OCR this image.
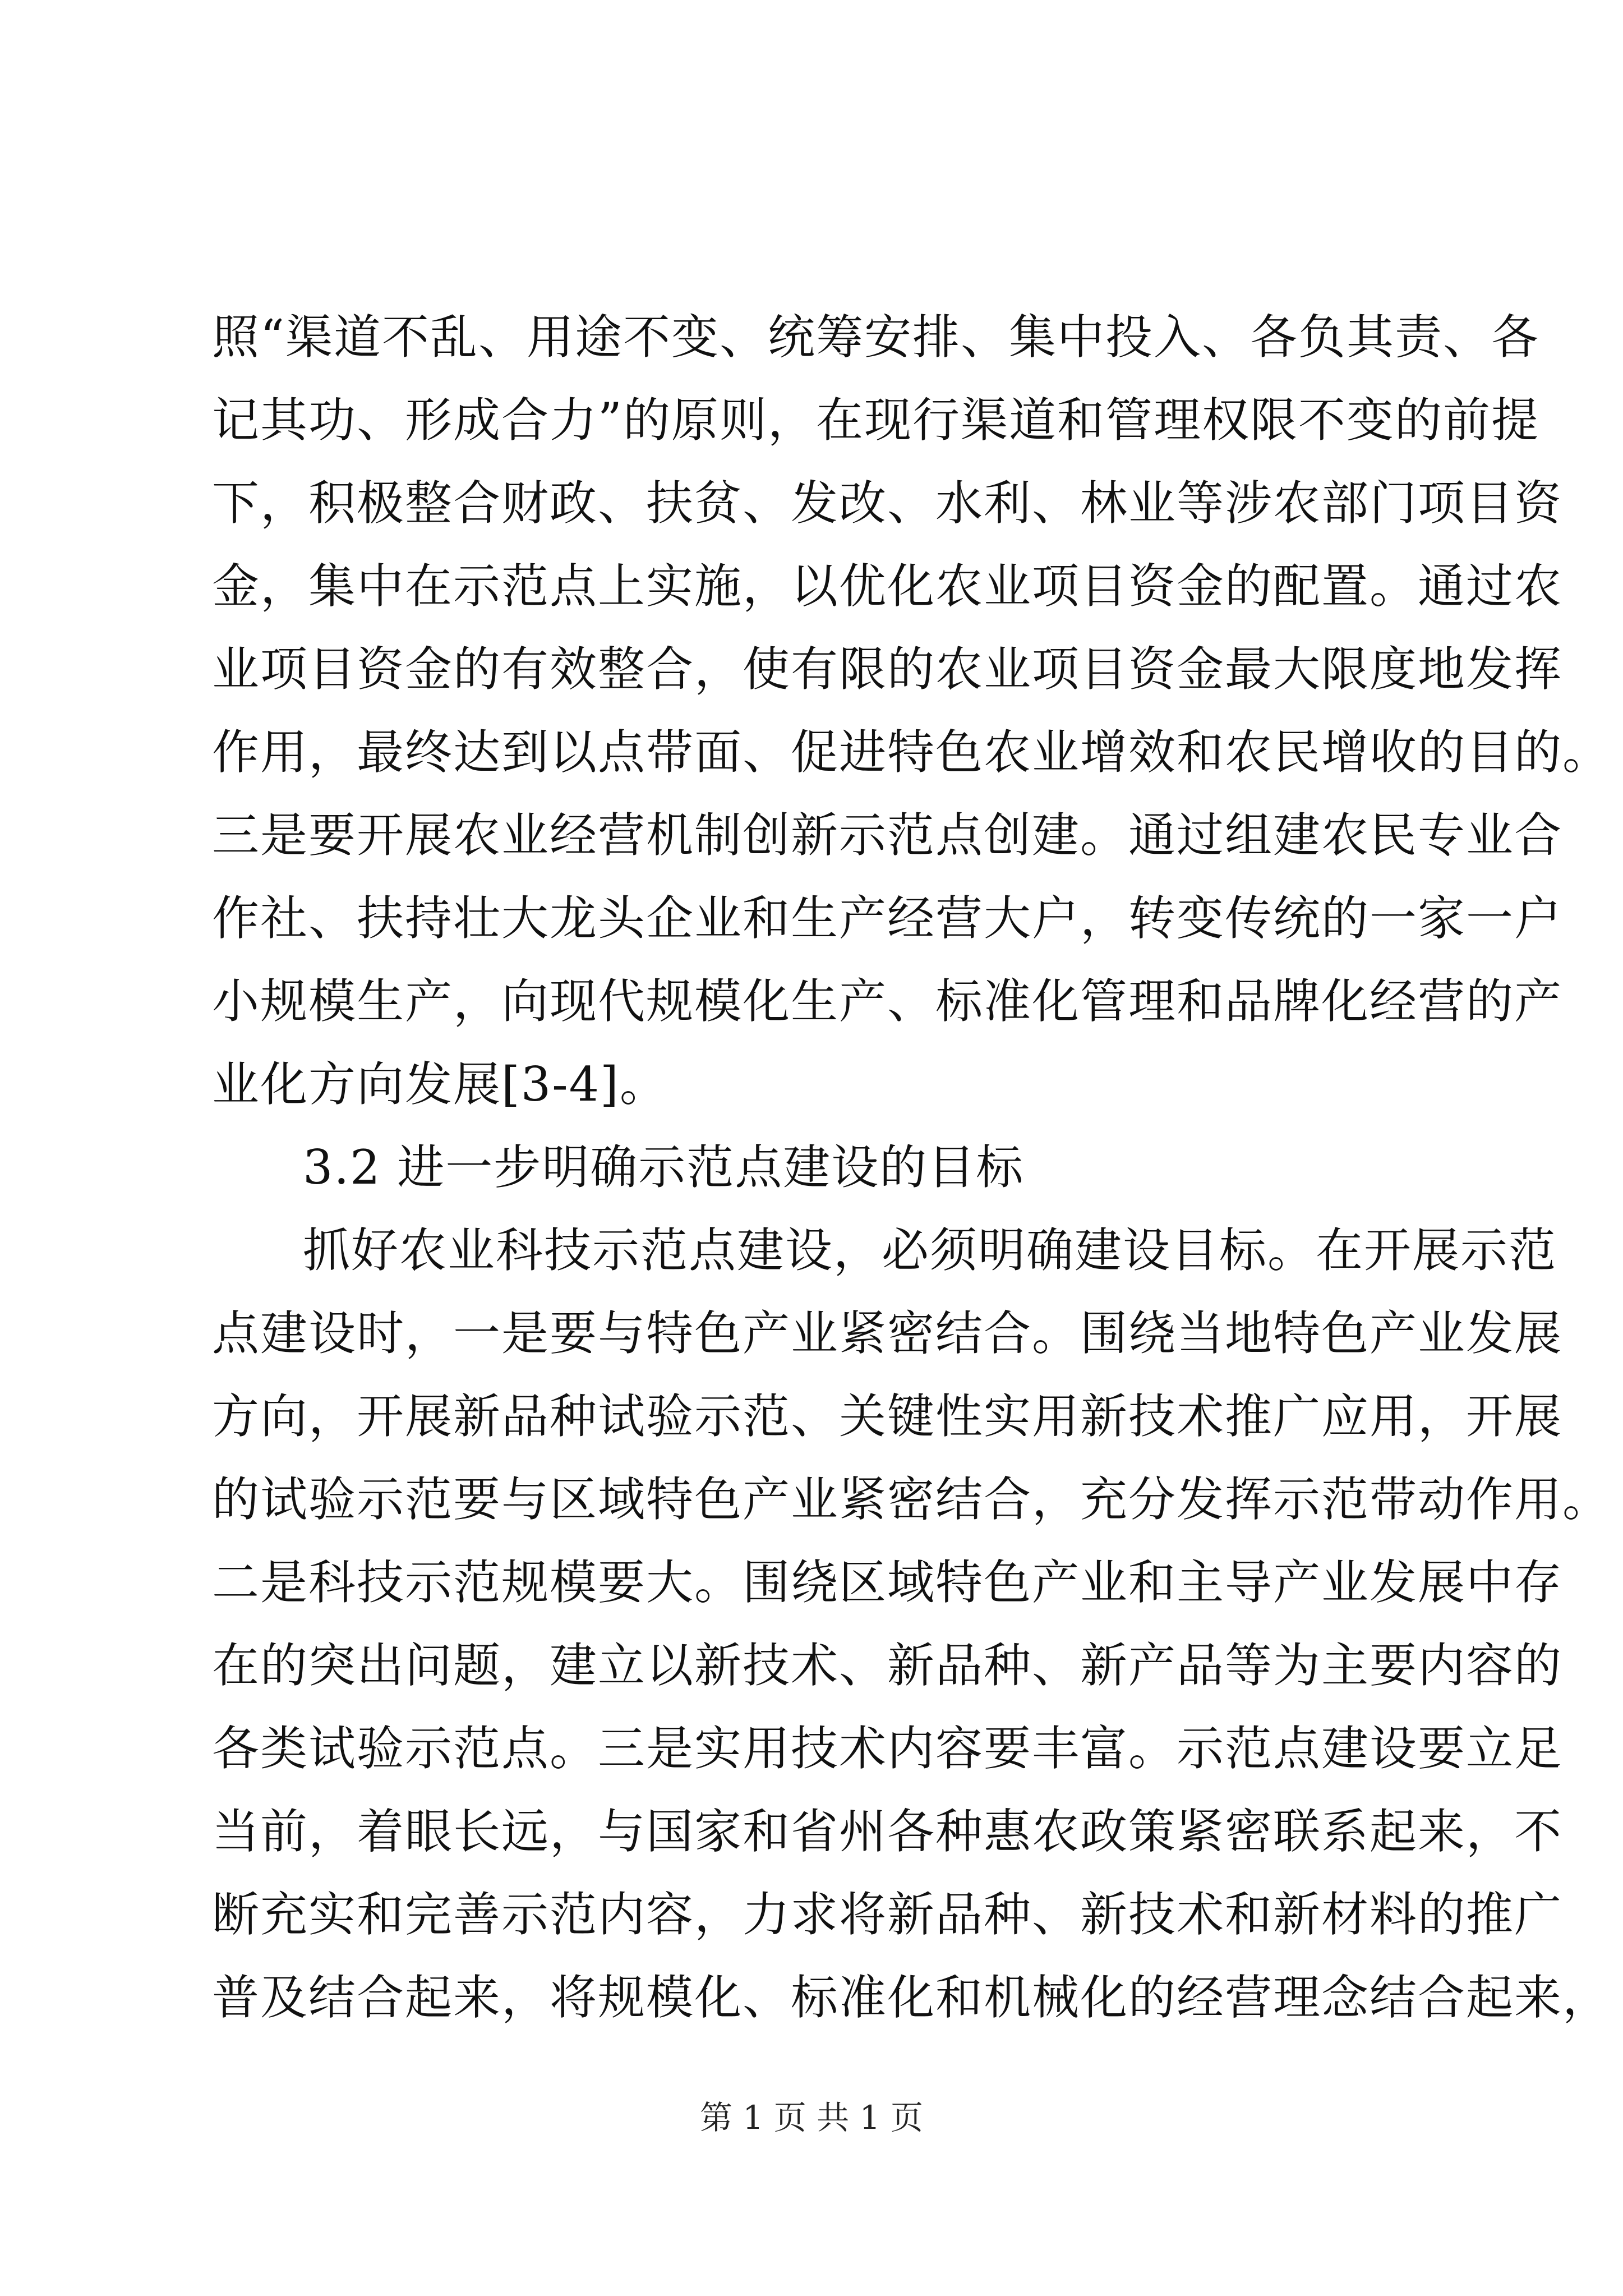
照“渠道不乱、用途不变、统筹安排、集中投入、各负其责、各
记其功、形成合力”的原则，在现行渠道和管理权限不变的前提
下，积极整合财政、扶贫、发改、水利、林业等涉农部门项目资
金，集中在示范点上实施，以优化农业项目资金的配置。通过农
业项目资金的有效整合，使有限的农业项目资金最大限度地发挥
作用，最终达到以点带面、促进特色农业增效和农民增收的目的。
三是要开展农业经营机制创新示范点创建。通过组建农民专业合
作社、扶持壮大龙头企业和生产经营大户，转变传统的一家一户
小规模生产，向现代规模化生产、标准化管理和品牌化经营的产
业化方向发展[3-4]。
3.2 进一步明确示范点建设的目标
抓好农业科技示范点建设，必须明确建设目标。在开展示范
点建设时，一是要与特色产业紧密结合。围绕当地特色产业发展
方向，开展新品种试验示范、关键性实用新技术推广应用，开展
的试验示范要与区域特色产业紧密结合，充分发挥示范带动作用。
二是科技示范规模要大。围绕区域特色产业和主导产业发展中存
在的突出问题，建立以新技术、新品种、新产品等为主要内容的
各类试验示范点。三是实用技术内容要丰富。示范点建设要立足
当前，着眼长远，与国家和省州各种惠农政策紧密联系起来，不
断充实和完善示范内容，力求将新品种、新技术和新材料的推广
普及结合起来，将规模化、标准化和机械化的经营理念结合起来，
第 1 页 共 1 页
